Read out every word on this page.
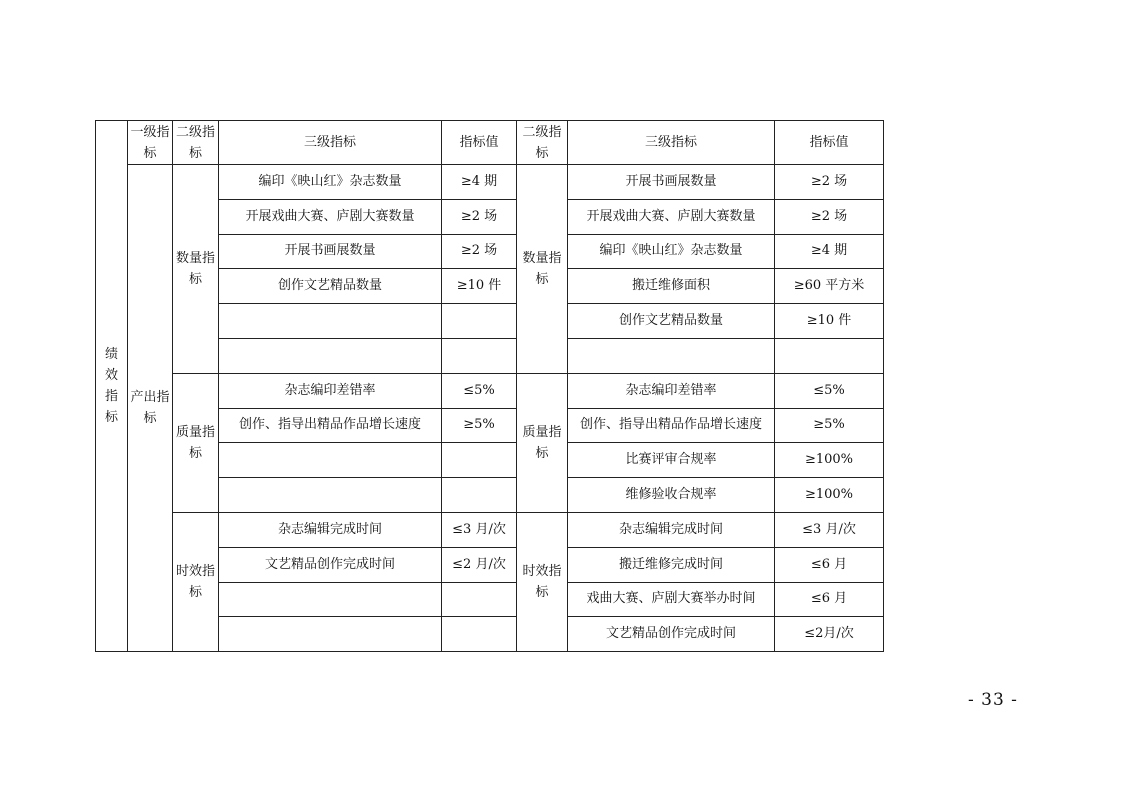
绩效指标	一级指标	二级指标	三级指标	指标值	二级指标	三级指标	指标值
	产出指标	数量指标	编印《映山红》杂志数量	≥4 期	数量指标	开展书画展数量	≥2 场
			开展戏曲大赛、庐剧大赛数量	≥2 场		开展戏曲大赛、庐剧大赛数量	≥2 场
			开展书画展数量	≥2 场		编印《映山红》杂志数量	≥4 期
			创作文艺精品数量	≥10 件		搬迁维修面积	≥60 平方米
						创作文艺精品数量	≥10 件

		质量指标	杂志编印差错率	≤5%	质量指标	杂志编印差错率	≤5%
			创作、指导出精品作品增长速度	≥5%		创作、指导出精品作品增长速度	≥5%
						比赛评审合规率	≥100%
						维修验收合规率	≥100%
		时效指标	杂志编辑完成时间	≤3 月/次	时效指标	杂志编辑完成时间	≤3 月/次
			文艺精品创作完成时间	≤2 月/次		搬迁维修完成时间	≤6 月
						戏曲大赛、庐剧大赛举办时间	≤6 月
						文艺精品创作完成时间	≤2月/次
- 33 -
